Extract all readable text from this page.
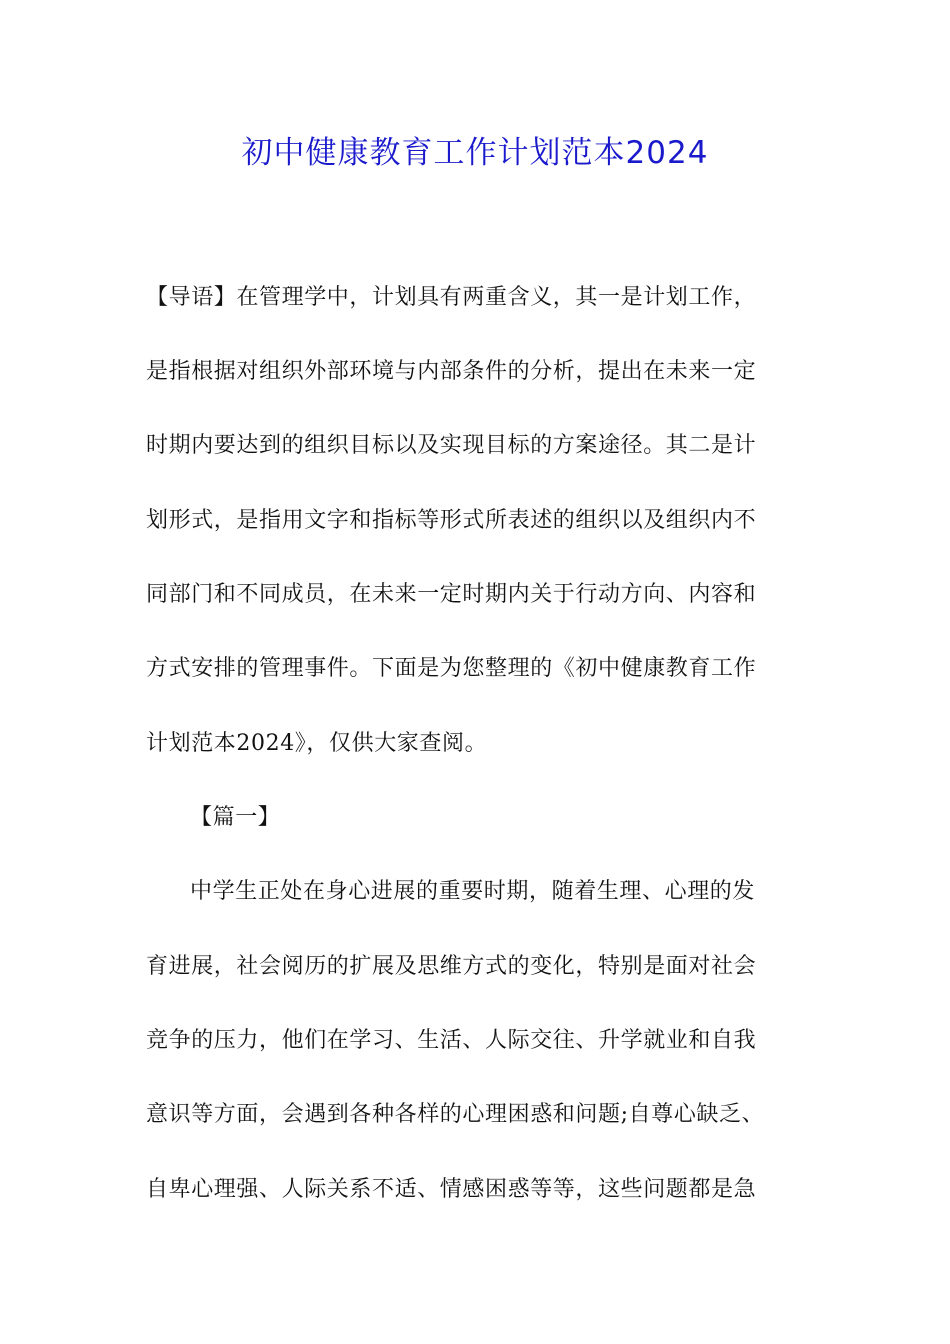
初中健康教育工作计划范本2024
【导语】在管理学中，计划具有两重含义，其一是计划工作，
是指根据对组织外部环境与内部条件的分析，提出在未来一定
时期内要达到的组织目标以及实现目标的方案途径。其二是计
划形式，是指用文字和指标等形式所表述的组织以及组织内不
同部门和不同成员，在未来一定时期内关于行动方向、内容和
方式安排的管理事件。下面是为您整理的《初中健康教育工作
计划范本2024》，仅供大家查阅。
【篇一】
中学生正处在身心进展的重要时期，随着生理、心理的发
育进展，社会阅历的扩展及思维方式的变化，特别是面对社会
竞争的压力，他们在学习、生活、人际交往、升学就业和自我
意识等方面，会遇到各种各样的心理困惑和问题;自尊心缺乏、
自卑心理强、人际关系不适、情感困惑等等，这些问题都是急
